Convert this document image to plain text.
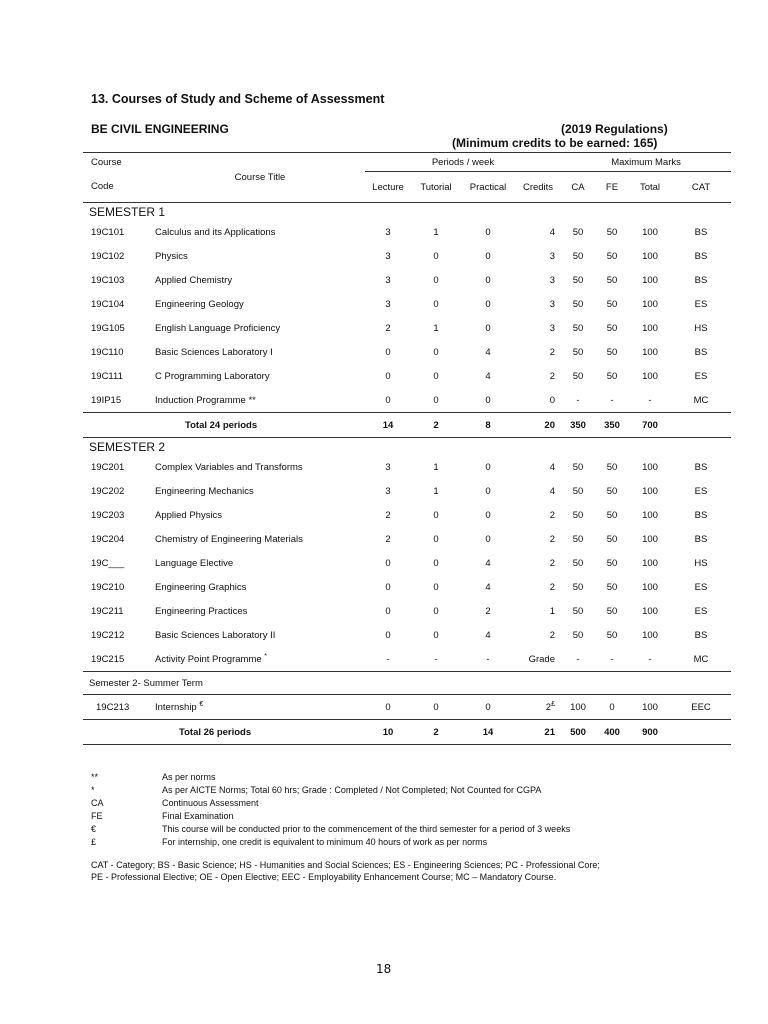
13. Courses of Study and Scheme of Assessment
BE CIVIL ENGINEERING	(2019 Regulations)
(Minimum credits to be earned: 165)
Course	Course Title	Periods / week				Maximum Marks			
Code		Lecture	Tutorial	Practical	Credits	CA	FE	Total	CAT
SEMESTER 1									
19C101	Calculus and its Applications	3	1	0	4	50	50	100	BS
19C102	Physics	3	0	0	3	50	50	100	BS
19C103	Applied Chemistry	3	0	0	3	50	50	100	BS
19C104	Engineering Geology	3	0	0	3	50	50	100	ES
19G105	English Language Proficiency	2	1	0	3	50	50	100	HS
19C110	Basic Sciences Laboratory I	0	0	4	2	50	50	100	BS
19C111	C Programming Laboratory	0	0	4	2	50	50	100	ES
19IP15	Induction Programme **	0	0	0	0	-	-	-	MC
	Total 24 periods	14	2	8	20	350	350	700	
SEMESTER 2									
19C201	Complex Variables and Transforms	3	1	0	4	50	50	100	BS
19C202	Engineering Mechanics	3	1	0	4	50	50	100	ES
19C203	Applied Physics	2	0	0	2	50	50	100	BS
19C204	Chemistry of Engineering Materials	2	0	0	2	50	50	100	BS
19C___	Language Elective	0	0	4	2	50	50	100	HS
19C210	Engineering Graphics	0	0	4	2	50	50	100	ES
19C211	Engineering Practices	0	0	2	1	50	50	100	ES
19C212	Basic Sciences Laboratory II	0	0	4	2	50	50	100	BS
19C215	Activity Point Programme *	-	-	-	Grade	-	-	-	MC
Semester 2- Summer Term									
19C213	Internship €	0	0	0	2£	100	0	100	EEC
	Total 26 periods	10	2	14	21	500	400	900	
**	As per norms
*	As per AICTE Norms; Total 60 hrs; Grade : Completed / Not Completed; Not Counted for CGPA
CA	Continuous Assessment
FE	Final Examination
€	This course will be conducted prior to the commencement of the third semester for a period of 3 weeks
£	For internship, one credit is equivalent to minimum 40 hours of work as per norms
CAT - Category; BS - Basic Science; HS - Humanities and Social Sciences; ES - Engineering Sciences; PC - Professional Core;
PE - Professional Elective; OE - Open Elective; EEC - Employability Enhancement Course; MC – Mandatory Course.
18
